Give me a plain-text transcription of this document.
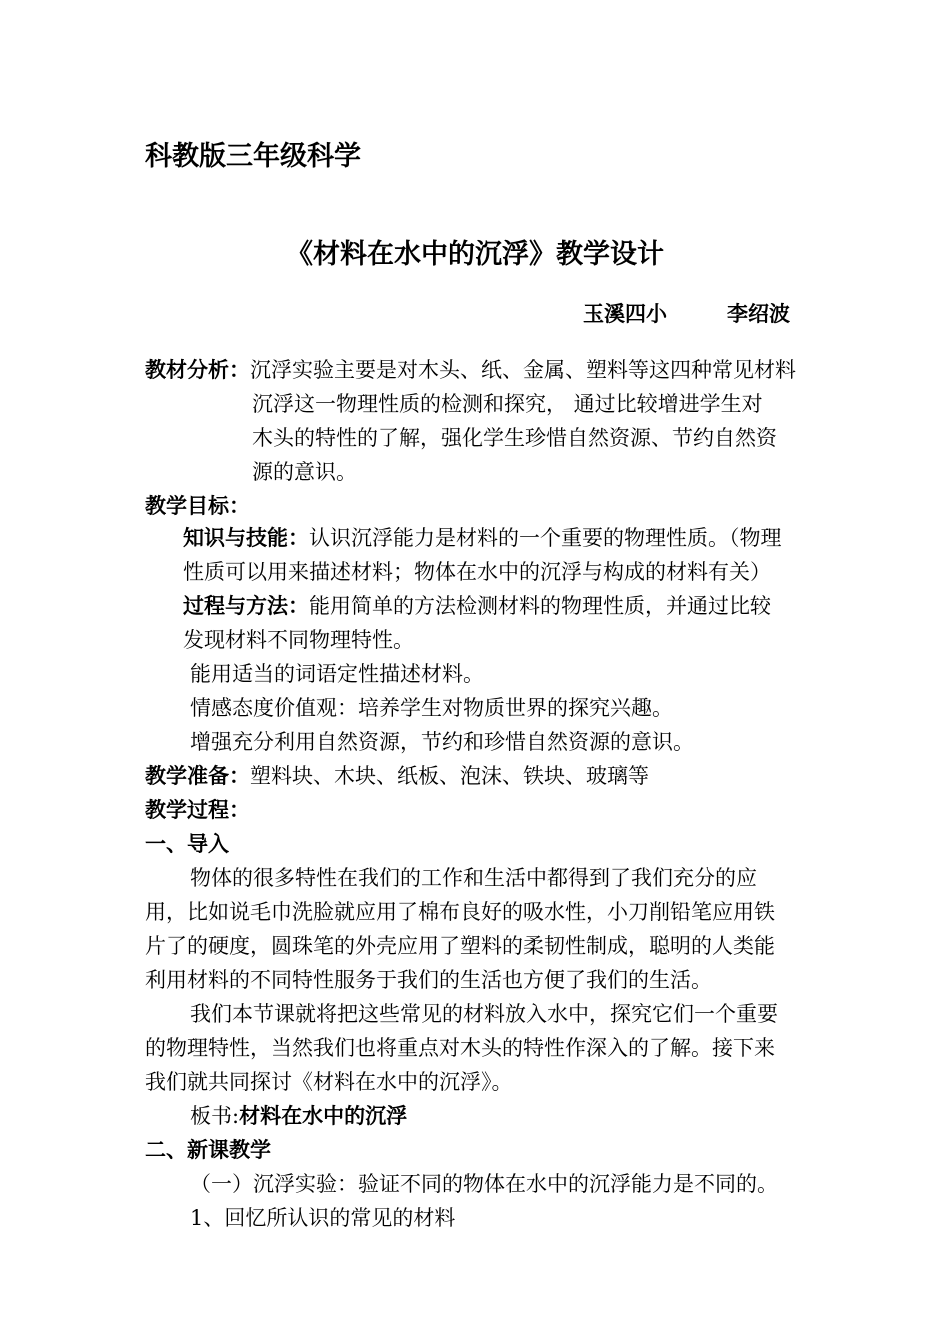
科教版三年级科学
《材料在水中的沉浮》教学设计
玉溪四小	李绍波
教材分析：沉浮实验主要是对木头、纸、金属、塑料等这四种常见材料
沉浮这一物理性质的检测和探究， 通过比较增进学生对
木头的特性的了解，强化学生珍惜自然资源、节约自然资
源的意识。
教学目标：
知识与技能：认识沉浮能力是材料的一个重要的物理性质。（物理
性质可以用来描述材料；物体在水中的沉浮与构成的材料有关）
过程与方法：能用简单的方法检测材料的物理性质，并通过比较
发现材料不同物理特性。
能用适当的词语定性描述材料。
情感态度价值观：培养学生对物质世界的探究兴趣。
增强充分利用自然资源，节约和珍惜自然资源的意识。
教学准备：塑料块、木块、纸板、泡沫、铁块、玻璃等
教学过程：
一、导入
物体的很多特性在我们的工作和生活中都得到了我们充分的应
用，比如说毛巾洗脸就应用了棉布良好的吸水性，小刀削铅笔应用铁
片了的硬度，圆珠笔的外壳应用了塑料的柔韧性制成，聪明的人类能
利用材料的不同特性服务于我们的生活也方便了我们的生活。
我们本节课就将把这些常见的材料放入水中，探究它们一个重要
的物理特性，当然我们也将重点对木头的特性作深入的了解。接下来
我们就共同探讨《材料在水中的沉浮》。
板书:材料在水中的沉浮
二、新课教学
（一）沉浮实验：验证不同的物体在水中的沉浮能力是不同的。
1、回忆所认识的常见的材料
